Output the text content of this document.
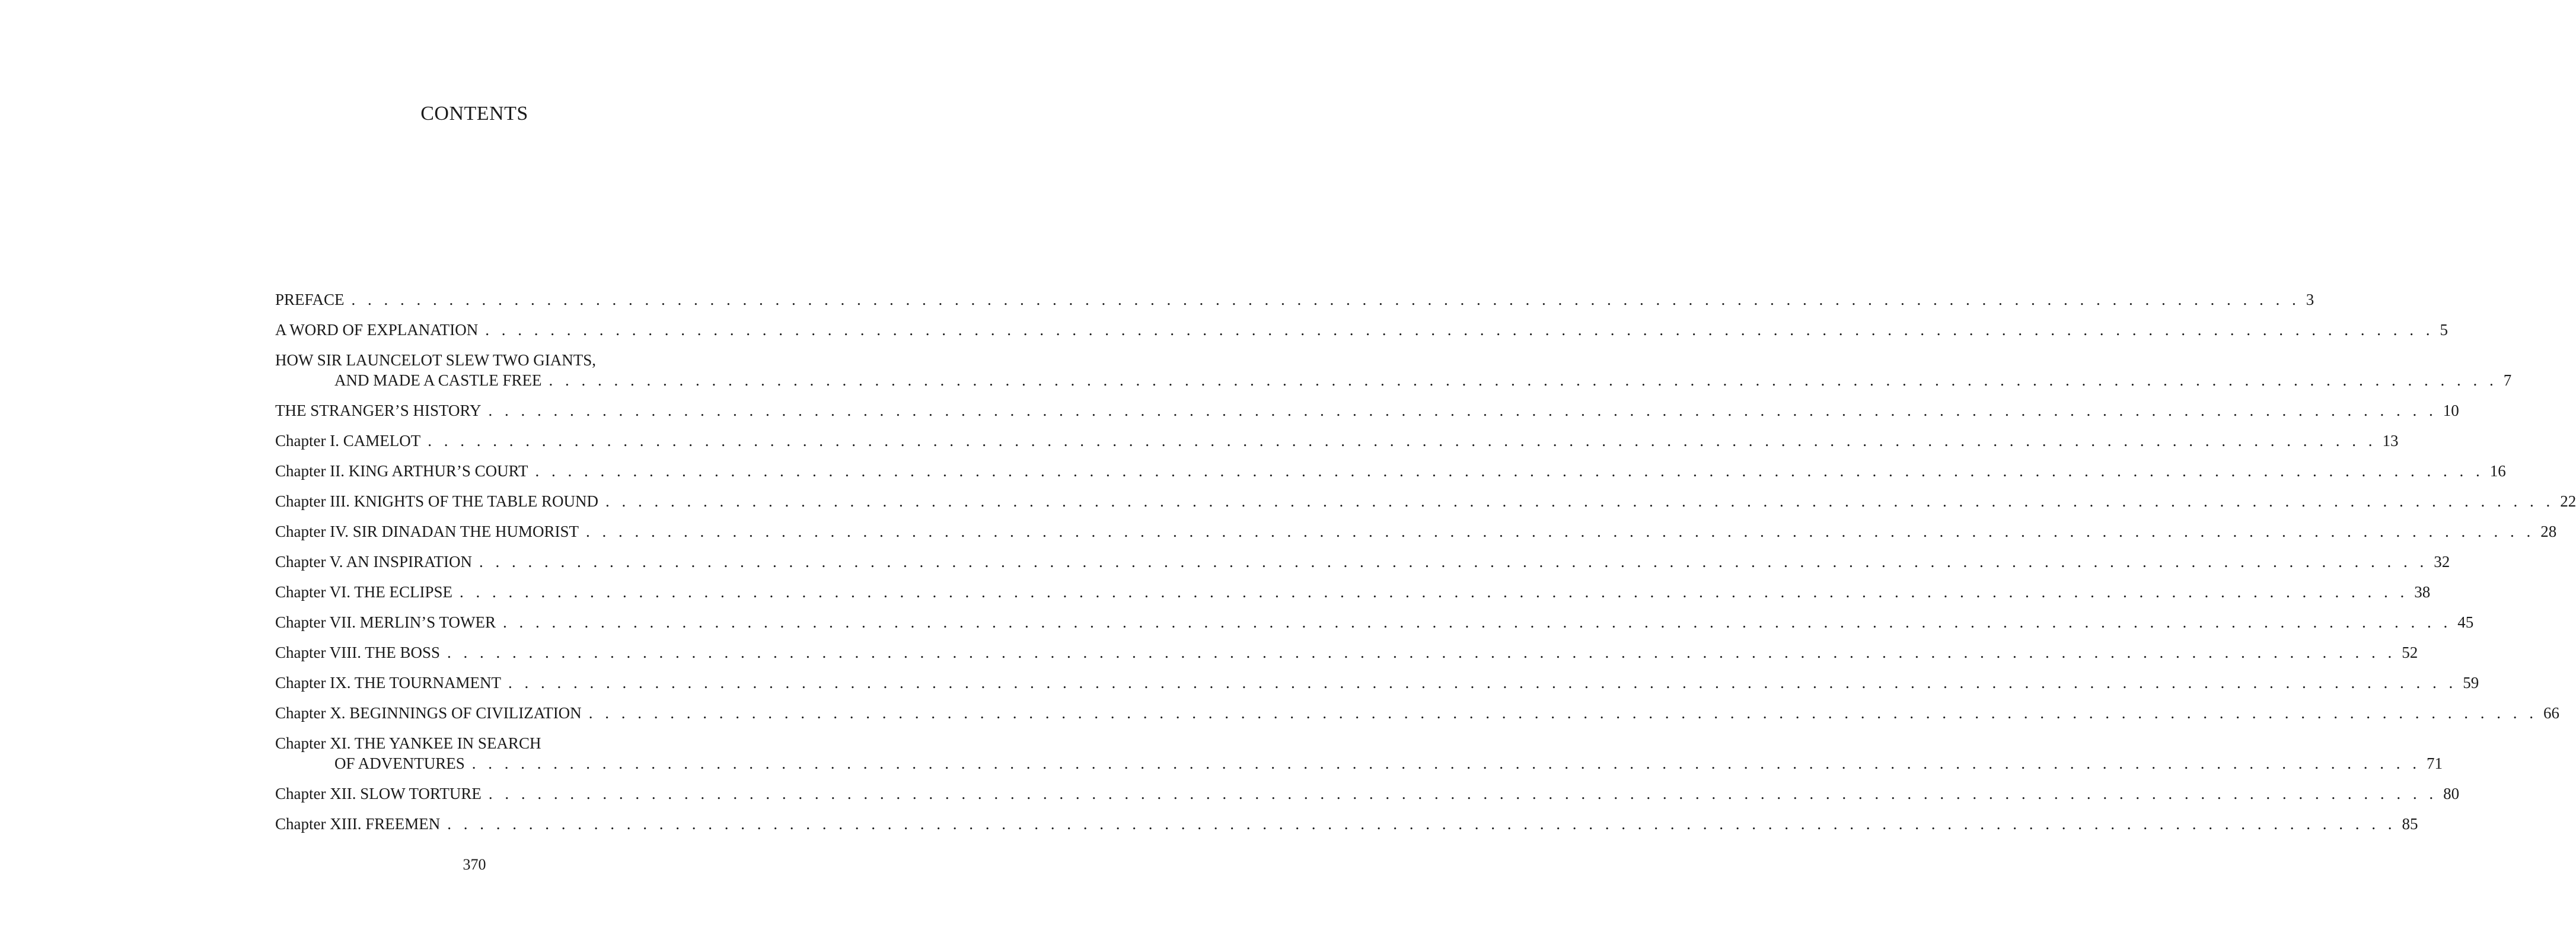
CONTENTS
PREFACE . . . . . . . . . . . . . . . . . . . . . . . . . . . . . . . . . . . . . . . . . . . . . . . . . . . . . . . . . . . . . . . . . . . . . . . . . . . . . . . . . . . . . . . . . . . . . . . . . . . . . . . . . . . . . . . . . . . . . . . . 3
A WORD OF EXPLANATION . . . . . . . . . . . . . . . . . . . . . . . . . . . . . . . . . . . . . . . . . . . . . . . . . . . . . . . . . . . . . . . . . . . . . . . . . . . . . . . . . . . . . . . . . . . . . . . . . . . . . . . . . . . . . . . . . . . . . . . . 5
HOW SIR LAUNCELOT SLEW TWO GIANTS,
AND MADE A CASTLE FREE . . . . . . . . . . . . . . . . . . . . . . . . . . . . . . . . . . . . . . . . . . . . . . . . . . . . . . . . . . . . . . . . . . . . . . . . . . . . . . . . . . . . . . . . . . . . . . . . . . . . . . . . . . . . . . . . . . . . . . . . 7
THE STRANGER’S HISTORY . . . . . . . . . . . . . . . . . . . . . . . . . . . . . . . . . . . . . . . . . . . . . . . . . . . . . . . . . . . . . . . . . . . . . . . . . . . . . . . . . . . . . . . . . . . . . . . . . . . . . . . . . . . . . . . . . . . . . . . . 10
Chapter I. CAMELOT . . . . . . . . . . . . . . . . . . . . . . . . . . . . . . . . . . . . . . . . . . . . . . . . . . . . . . . . . . . . . . . . . . . . . . . . . . . . . . . . . . . . . . . . . . . . . . . . . . . . . . . . . . . . . . . . . . . . . . . . 13
Chapter II. KING ARTHUR’S COURT . . . . . . . . . . . . . . . . . . . . . . . . . . . . . . . . . . . . . . . . . . . . . . . . . . . . . . . . . . . . . . . . . . . . . . . . . . . . . . . . . . . . . . . . . . . . . . . . . . . . . . . . . . . . . . . . . . . . . . . . 16
Chapter III. KNIGHTS OF THE TABLE ROUND . . . . . . . . . . . . . . . . . . . . . . . . . . . . . . . . . . . . . . . . . . . . . . . . . . . . . . . . . . . . . . . . . . . . . . . . . . . . . . . . . . . . . . . . . . . . . . . . . . . . . . . . . . . . . . . . . . . . . . . . 22
Chapter IV. SIR DINADAN THE HUMORIST . . . . . . . . . . . . . . . . . . . . . . . . . . . . . . . . . . . . . . . . . . . . . . . . . . . . . . . . . . . . . . . . . . . . . . . . . . . . . . . . . . . . . . . . . . . . . . . . . . . . . . . . . . . . . . . . . . . . . . . . 28
Chapter V. AN INSPIRATION . . . . . . . . . . . . . . . . . . . . . . . . . . . . . . . . . . . . . . . . . . . . . . . . . . . . . . . . . . . . . . . . . . . . . . . . . . . . . . . . . . . . . . . . . . . . . . . . . . . . . . . . . . . . . . . . . . . . . . . . 32
Chapter VI. THE ECLIPSE . . . . . . . . . . . . . . . . . . . . . . . . . . . . . . . . . . . . . . . . . . . . . . . . . . . . . . . . . . . . . . . . . . . . . . . . . . . . . . . . . . . . . . . . . . . . . . . . . . . . . . . . . . . . . . . . . . . . . . . . 38
Chapter VII. MERLIN’S TOWER . . . . . . . . . . . . . . . . . . . . . . . . . . . . . . . . . . . . . . . . . . . . . . . . . . . . . . . . . . . . . . . . . . . . . . . . . . . . . . . . . . . . . . . . . . . . . . . . . . . . . . . . . . . . . . . . . . . . . . . . 45
Chapter VIII. THE BOSS . . . . . . . . . . . . . . . . . . . . . . . . . . . . . . . . . . . . . . . . . . . . . . . . . . . . . . . . . . . . . . . . . . . . . . . . . . . . . . . . . . . . . . . . . . . . . . . . . . . . . . . . . . . . . . . . . . . . . . . . 52
Chapter IX. THE TOURNAMENT . . . . . . . . . . . . . . . . . . . . . . . . . . . . . . . . . . . . . . . . . . . . . . . . . . . . . . . . . . . . . . . . . . . . . . . . . . . . . . . . . . . . . . . . . . . . . . . . . . . . . . . . . . . . . . . . . . . . . . . . 59
Chapter X. BEGINNINGS OF CIVILIZATION . . . . . . . . . . . . . . . . . . . . . . . . . . . . . . . . . . . . . . . . . . . . . . . . . . . . . . . . . . . . . . . . . . . . . . . . . . . . . . . . . . . . . . . . . . . . . . . . . . . . . . . . . . . . . . . . . . . . . . . . 66
Chapter XI. THE YANKEE IN SEARCH
OF ADVENTURES . . . . . . . . . . . . . . . . . . . . . . . . . . . . . . . . . . . . . . . . . . . . . . . . . . . . . . . . . . . . . . . . . . . . . . . . . . . . . . . . . . . . . . . . . . . . . . . . . . . . . . . . . . . . . . . . . . . . . . . . 71
Chapter XII. SLOW TORTURE . . . . . . . . . . . . . . . . . . . . . . . . . . . . . . . . . . . . . . . . . . . . . . . . . . . . . . . . . . . . . . . . . . . . . . . . . . . . . . . . . . . . . . . . . . . . . . . . . . . . . . . . . . . . . . . . . . . . . . . . 80
Chapter XIII. FREEMEN . . . . . . . . . . . . . . . . . . . . . . . . . . . . . . . . . . . . . . . . . . . . . . . . . . . . . . . . . . . . . . . . . . . . . . . . . . . . . . . . . . . . . . . . . . . . . . . . . . . . . . . . . . . . . . . . . . . . . . . . 85
370
